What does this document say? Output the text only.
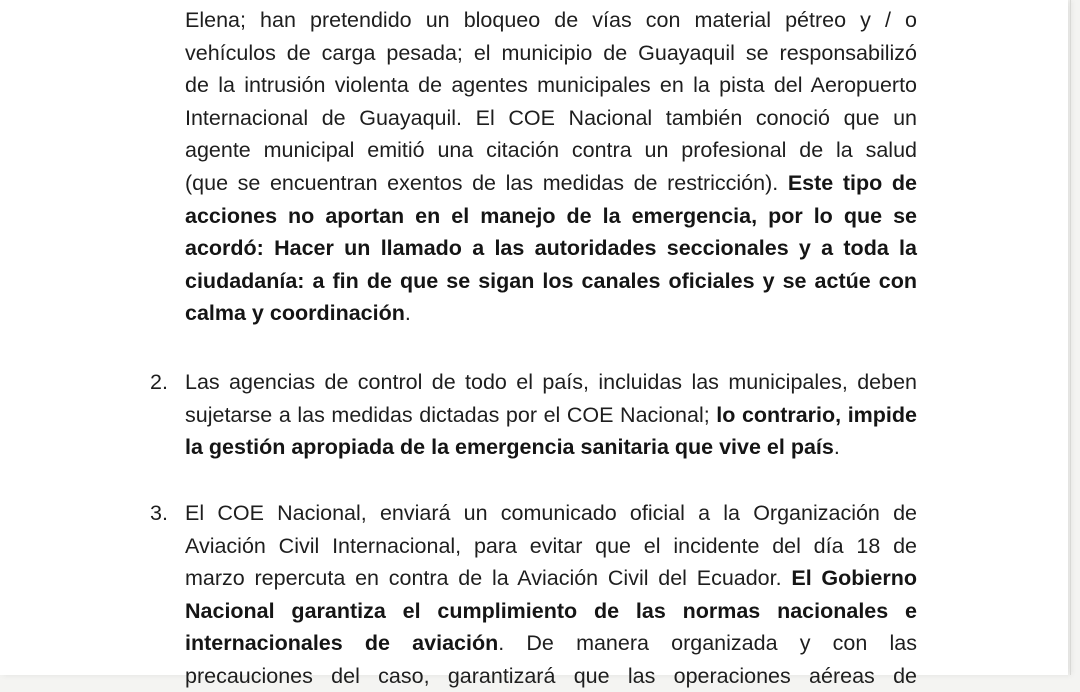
Elena; han pretendido un bloqueo de vías con material pétreo y / o
vehículos de carga pesada; el municipio de Guayaquil se responsabilizó
de la intrusión violenta de agentes municipales en la pista del Aeropuerto
Internacional de Guayaquil. El COE Nacional también conoció que un
agente municipal emitió una citación contra un profesional de la salud
(que se encuentran exentos de las medidas de restricción). Este tipo de
acciones no aportan en el manejo de la emergencia, por lo que se
acordó: Hacer un llamado a las autoridades seccionales y a toda la
ciudadanía: a fin de que se sigan los canales oficiales y se actúe con
calma y coordinación.
2. Las agencias de control de todo el país, incluidas las municipales, deben
sujetarse a las medidas dictadas por el COE Nacional; lo contrario, impide
la gestión apropiada de la emergencia sanitaria que vive el país.
3. El COE Nacional, enviará un comunicado oficial a la Organización de
Aviación Civil Internacional, para evitar que el incidente del día 18 de
marzo repercuta en contra de la Aviación Civil del Ecuador. El Gobierno
Nacional garantiza el cumplimiento de las normas nacionales e
internacionales de aviación. De manera organizada y con las
precauciones del caso, garantizará que las operaciones aéreas de
